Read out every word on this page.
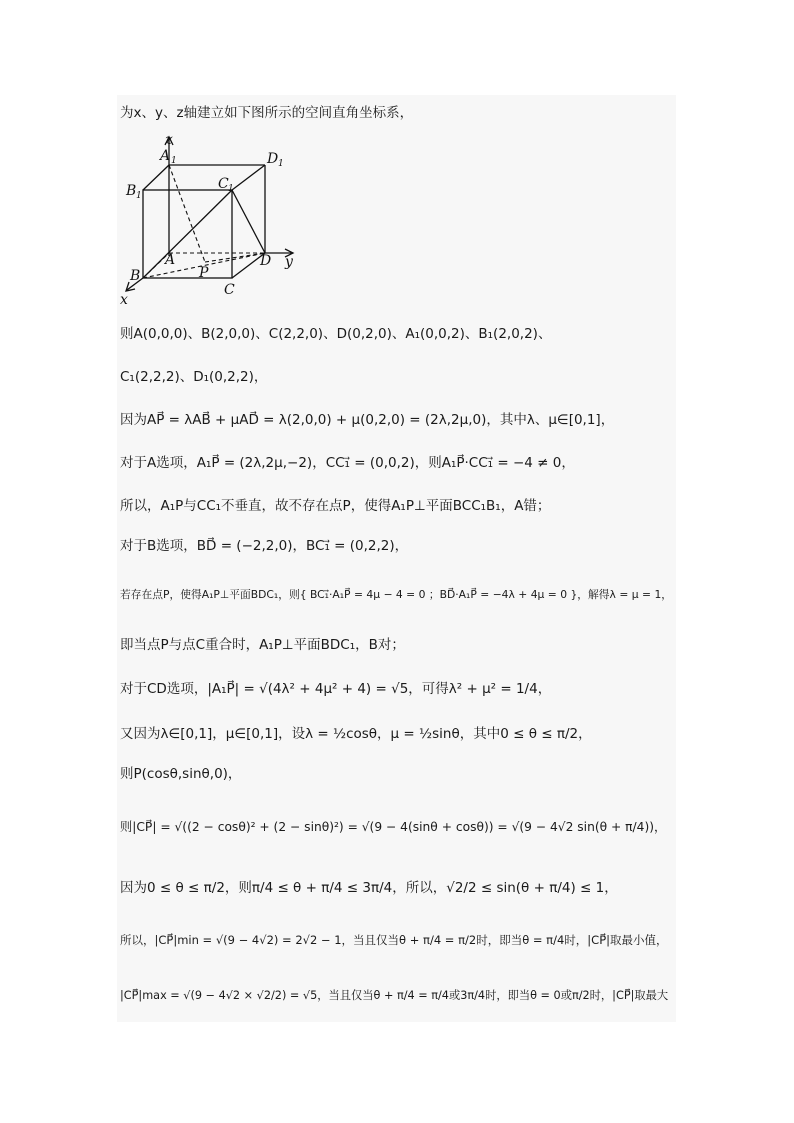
为x、y、z轴建立如下图所示的空间直角坐标系，
z
y
x
A 1	D 1
B 1
C 1
A
B	P
D
C
则A(0,0,0)、B(2,0,0)、C(2,2,0)、D(0,2,0)、A₁(0,0,2)、B₁(2,0,2)、
C₁(2,2,2)、D₁(0,2,2)，
因为AP⃗ = λAB⃗ + μAD⃗ = λ(2,0,0) + μ(0,2,0) = (2λ,2μ,0)，其中λ、μ∈[0,1]，
对于A选项，A₁P⃗ = (2λ,2μ,−2)，CC₁⃗ = (0,0,2)，则A₁P⃗·CC₁⃗ = −4 ≠ 0，
所以，A₁P与CC₁不垂直，故不存在点P，使得A₁P⊥平面BCC₁B₁，A错；
对于B选项，BD⃗ = (−2,2,0)，BC₁⃗ = (0,2,2)，
若存在点P，使得A₁P⊥平面BDC₁，则{ BC₁⃗·A₁P⃗ = 4μ − 4 = 0 ；BD⃗·A₁P⃗ = −4λ + 4μ = 0 }，解得λ = μ = 1，
即当点P与点C重合时，A₁P⊥平面BDC₁，B对；
对于CD选项，|A₁P⃗| = √(4λ² + 4μ² + 4) = √5，可得λ² + μ² = 1/4，
又因为λ∈[0,1]，μ∈[0,1]，设λ = ½cosθ，μ = ½sinθ，其中0 ≤ θ ≤ π/2，
则P(cosθ,sinθ,0)，
则|CP⃗| = √((2 − cosθ)² + (2 − sinθ)²) = √(9 − 4(sinθ + cosθ)) = √(9 − 4√2 sin(θ + π/4))，
因为0 ≤ θ ≤ π/2，则π/4 ≤ θ + π/4 ≤ 3π/4，所以，√2/2 ≤ sin(θ + π/4) ≤ 1，
所以，|CP⃗|min = √(9 − 4√2) = 2√2 − 1，当且仅当θ + π/4 = π/2时，即当θ = π/4时，|CP⃗|取最小值，
|CP⃗|max = √(9 − 4√2 × √2/2) = √5，当且仅当θ + π/4 = π/4或3π/4时，即当θ = 0或π/2时，|CP⃗|取最大
